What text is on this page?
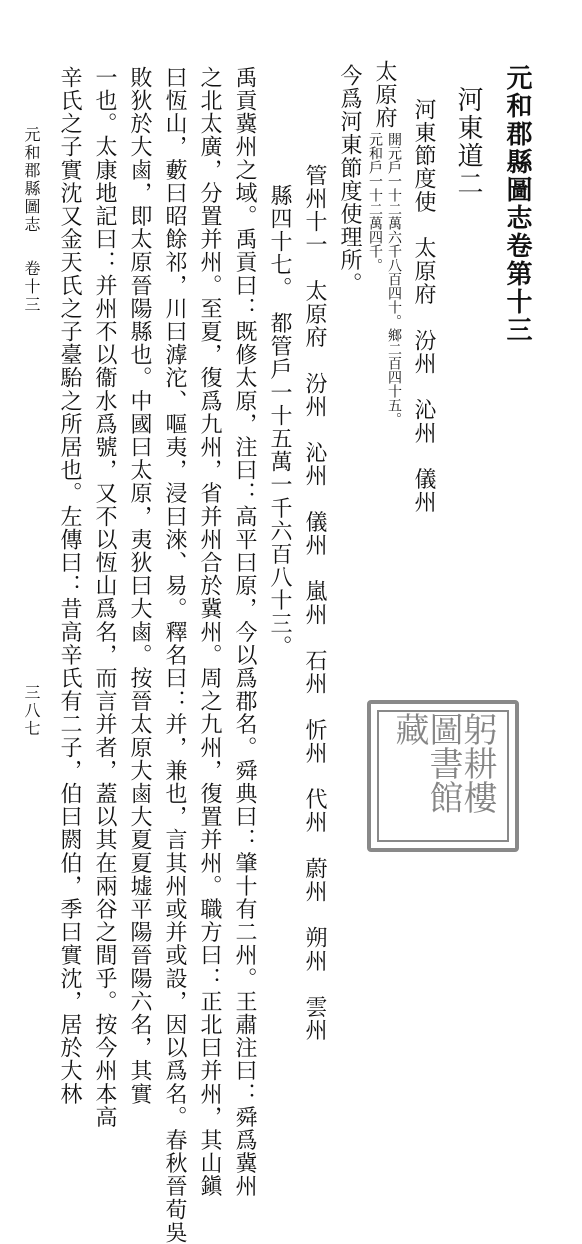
元和郡縣圖志卷第十三
河東道二
河東節度使　太原府　汾州　沁州　儀州
太原府
開元戶一十二萬六千八百四十。鄉二百四十五。
元和戶一十二萬四千。
今爲河東節度使理所。
管州十一　太原府　汾州　沁州　儀州　嵐州　石州　忻州　代州　蔚州　朔州　雲州
縣四十七。　都管戶一十五萬一千六百八十三。
禹貢冀州之域。禹貢曰：既修太原，注曰：高平曰原，今以爲郡名。舜典曰：肇十有二州。王肅注曰：舜爲冀州
之北太廣，分置并州。至夏，復爲九州，省并州合於冀州。周之九州，復置并州。職方曰：正北曰并州，其山鎭
曰恆山，藪曰昭餘祁，川曰滹沱、嘔夷，浸曰淶、易。釋名曰：并，兼也，言其州或并或設，因以爲名。春秋晉荀吳
敗狄於大鹵，即太原晉陽縣也。中國曰太原，夷狄曰大鹵。按晉太原大鹵大夏夏墟平陽晉陽六名，其實
一也。太康地記曰：并州不以衞水爲號，又不以恆山爲名，而言并者，蓋以其在兩谷之間乎。按今州本高
辛氏之子實沈又金天氏之子臺駘之所居也。左傳曰：昔高辛氏有二子，伯曰閼伯，季曰實沈，居於大林
元和郡縣圖志
卷十三
三八七
躬耕樓圖書館藏
